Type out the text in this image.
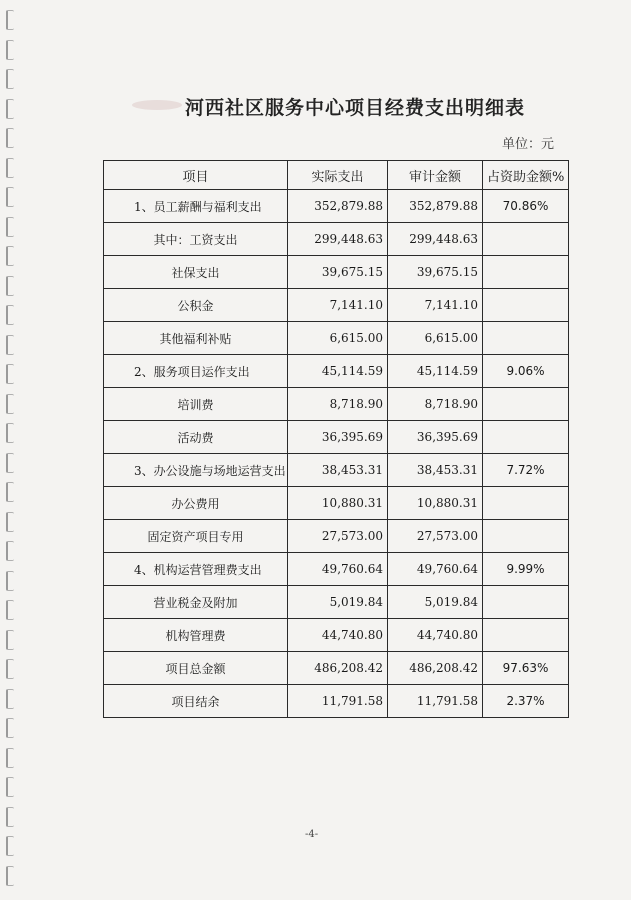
河西社区服务中心项目经费支出明细表
单位：元
项目	实际支出	审计金额	占资助金额%
1、员工薪酬与福利支出	352,879.88	352,879.88	70.86%
其中：工资支出	299,448.63	299,448.63	
社保支出	39,675.15	39,675.15	
公积金	7,141.10	7,141.10	
其他福利补贴	6,615.00	6,615.00	
2、服务项目运作支出	45,114.59	45,114.59	9.06%
培训费	8,718.90	8,718.90	
活动费	36,395.69	36,395.69	
3、办公设施与场地运营支出	38,453.31	38,453.31	7.72%
办公费用	10,880.31	10,880.31	
固定资产项目专用	27,573.00	27,573.00	
4、机构运营管理费支出	49,760.64	49,760.64	9.99%
营业税金及附加	5,019.84	5,019.84	
机构管理费	44,740.80	44,740.80	
项目总金额	486,208.42	486,208.42	97.63%
项目结余	11,791.58	11,791.58	2.37%
-4-
